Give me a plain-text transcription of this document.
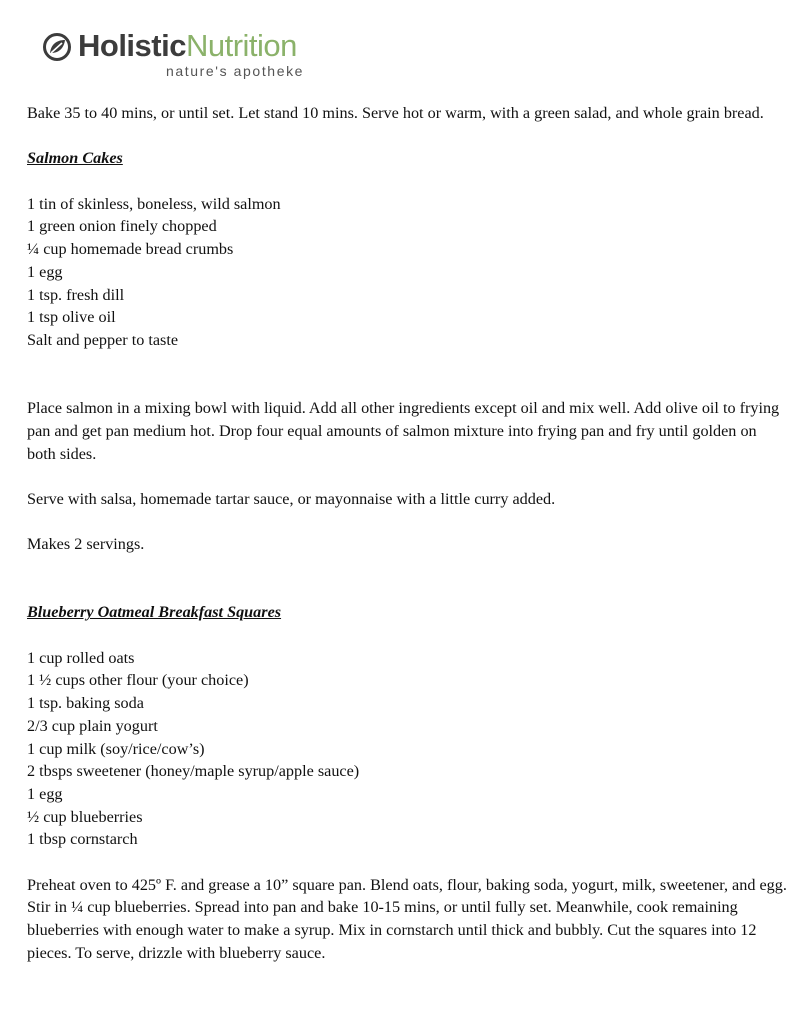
HolisticNutrition
nature's apotheke

Bake 35 to 40 mins, or until set. Let stand 10 mins. Serve hot or warm, with a green salad, and whole grain bread.

Salmon Cakes

1 tin of skinless, boneless, wild salmon

1 green onion finely chopped

¼ cup homemade bread crumbs

1 egg

1 tsp. fresh dill

1 tsp olive oil

Salt and pepper to taste

Place salmon in a mixing bowl with liquid. Add all other ingredients except oil and mix well. Add olive oil to frying pan and get pan medium hot. Drop four equal amounts of salmon mixture into frying pan and fry until golden on both sides.

Serve with salsa, homemade tartar sauce, or mayonnaise with a little curry added.

Makes 2 servings.

Blueberry Oatmeal Breakfast Squares

1 cup rolled oats

1 ½ cups other flour (your choice)

1 tsp. baking soda

2/3 cup plain yogurt

1 cup milk (soy/rice/cow’s)

2 tbsps sweetener (honey/maple syrup/apple sauce)

1 egg

½ cup blueberries

1 tbsp cornstarch

Preheat oven to 425º F. and grease a 10” square pan. Blend oats, flour, baking soda, yogurt, milk, sweetener, and egg. Stir in ¼ cup blueberries. Spread into pan and bake 10-15 mins, or until fully set. Meanwhile, cook remaining blueberries with enough water to make a syrup. Mix in cornstarch until thick and bubbly. Cut the squares into 12 pieces. To serve, drizzle with blueberry sauce.
